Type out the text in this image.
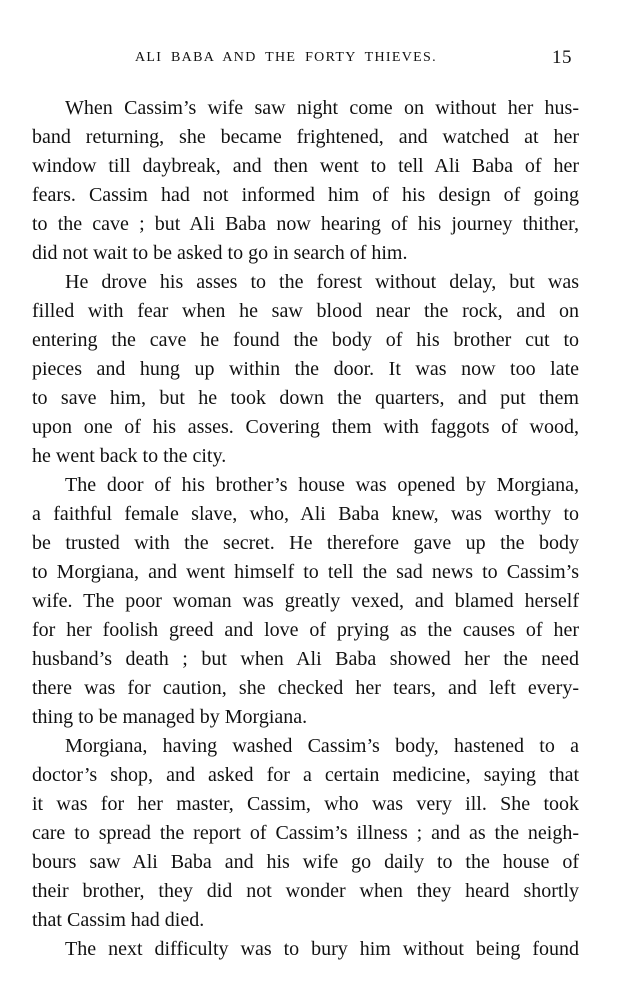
ALI BABA AND THE FORTY THIEVES.	15
When Cassim’s wife saw night come on without her hus-
band returning, she became frightened, and watched at her
window till daybreak, and then went to tell Ali Baba of her
fears. Cassim had not informed him of his design of going
to the cave ; but Ali Baba now hearing of his journey thither,
did not wait to be asked to go in search of him.
He drove his asses to the forest without delay, but was
filled with fear when he saw blood near the rock, and on
entering the cave he found the body of his brother cut to
pieces and hung up within the door. It was now too late
to save him, but he took down the quarters, and put them
upon one of his asses. Covering them with faggots of wood,
he went back to the city.
The door of his brother’s house was opened by Morgiana,
a faithful female slave, who, Ali Baba knew, was worthy to
be trusted with the secret. He therefore gave up the body
to Morgiana, and went himself to tell the sad news to Cassim’s
wife. The poor woman was greatly vexed, and blamed herself
for her foolish greed and love of prying as the causes of her
husband’s death ; but when Ali Baba showed her the need
there was for caution, she checked her tears, and left every-
thing to be managed by Morgiana.
Morgiana, having washed Cassim’s body, hastened to a
doctor’s shop, and asked for a certain medicine, saying that
it was for her master, Cassim, who was very ill. She took
care to spread the report of Cassim’s illness ; and as the neigh-
bours saw Ali Baba and his wife go daily to the house of
their brother, they did not wonder when they heard shortly
that Cassim had died.
The next difficulty was to bury him without being found
